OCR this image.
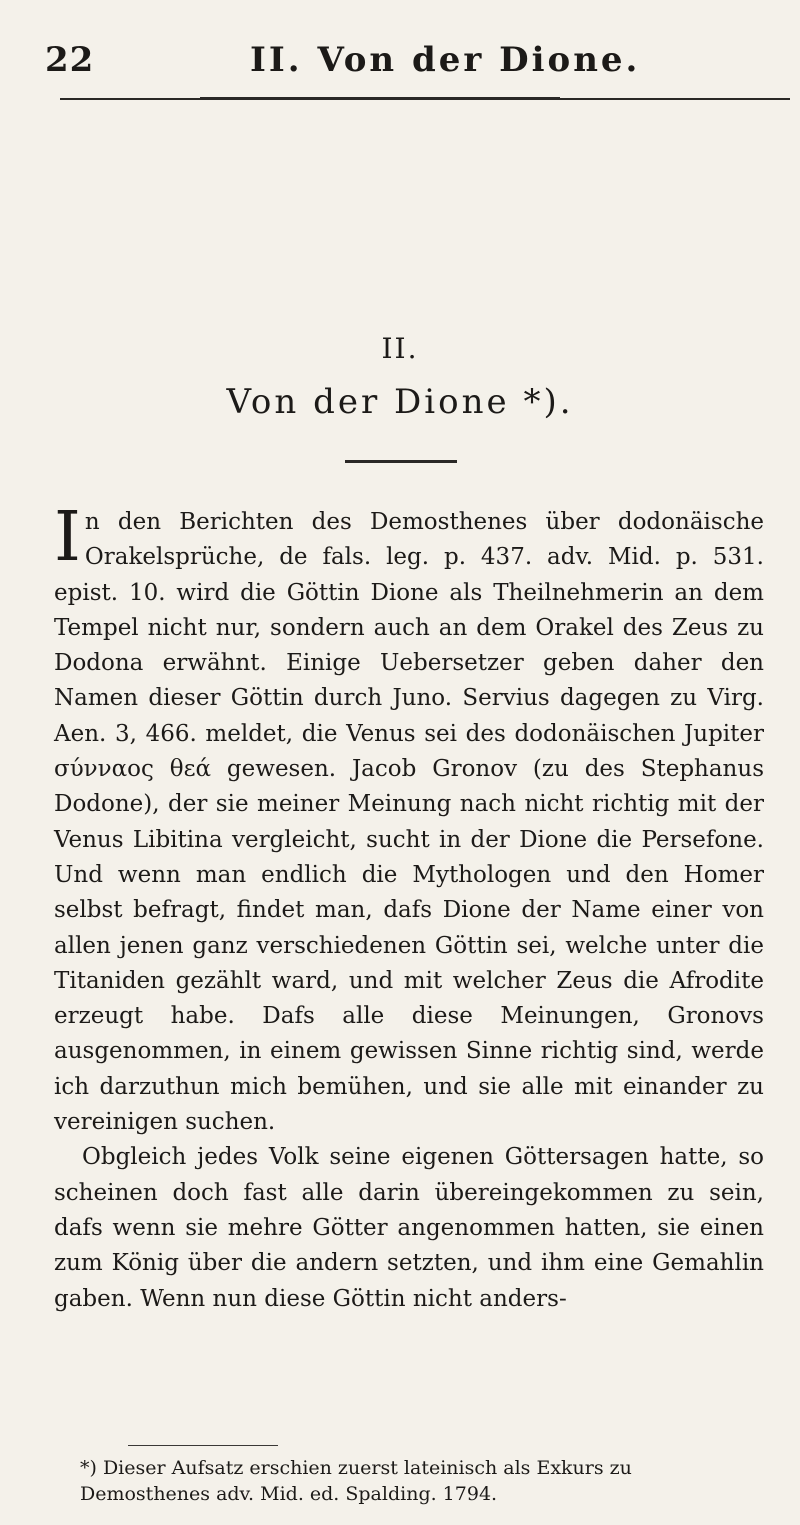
22	II. Von der Dione.
II.
Von der Dione *).

In den Berichten des Demosthenes über dodonäische Orakelsprüche, de fals. leg. p. 437. adv. Mid. p. 531. epist. 10. wird die Göttin Dione als Theilnehmerin an dem Tempel nicht nur, sondern auch an dem Orakel des Zeus zu Dodona erwähnt. Einige Uebersetzer geben daher den Namen dieser Göttin durch Juno. Servius dagegen zu Virg. Aen. 3, 466. meldet, die Venus sei des dodonäischen Jupiter σύνναος θεά gewesen. Jacob Gronov (zu des Stephanus Dodone), der sie meiner Meinung nach nicht richtig mit der Venus Libitina vergleicht, sucht in der Dione die Persefone. Und wenn man endlich die Mythologen und den Homer selbst befragt, findet man, dafs Dione der Name einer von allen jenen ganz verschiedenen Göttin sei, welche unter die Titaniden gezählt ward, und mit welcher Zeus die Afrodite erzeugt habe. Dafs alle diese Meinungen, Gronovs ausgenommen, in einem gewissen Sinne richtig sind, werde ich darzuthun mich bemühen, und sie alle mit einander zu vereinigen suchen.

Obgleich jedes Volk seine eigenen Göttersagen hatte, so scheinen doch fast alle darin übereingekommen zu sein, dafs wenn sie mehre Götter angenommen hatten, sie einen zum König über die andern setzten, und ihm eine Gemahlin gaben. Wenn nun diese Göttin nicht anders-

*) Dieser Aufsatz erschien zuerst lateinisch als Exkurs zu Demosthenes adv. Mid. ed. Spalding. 1794.
